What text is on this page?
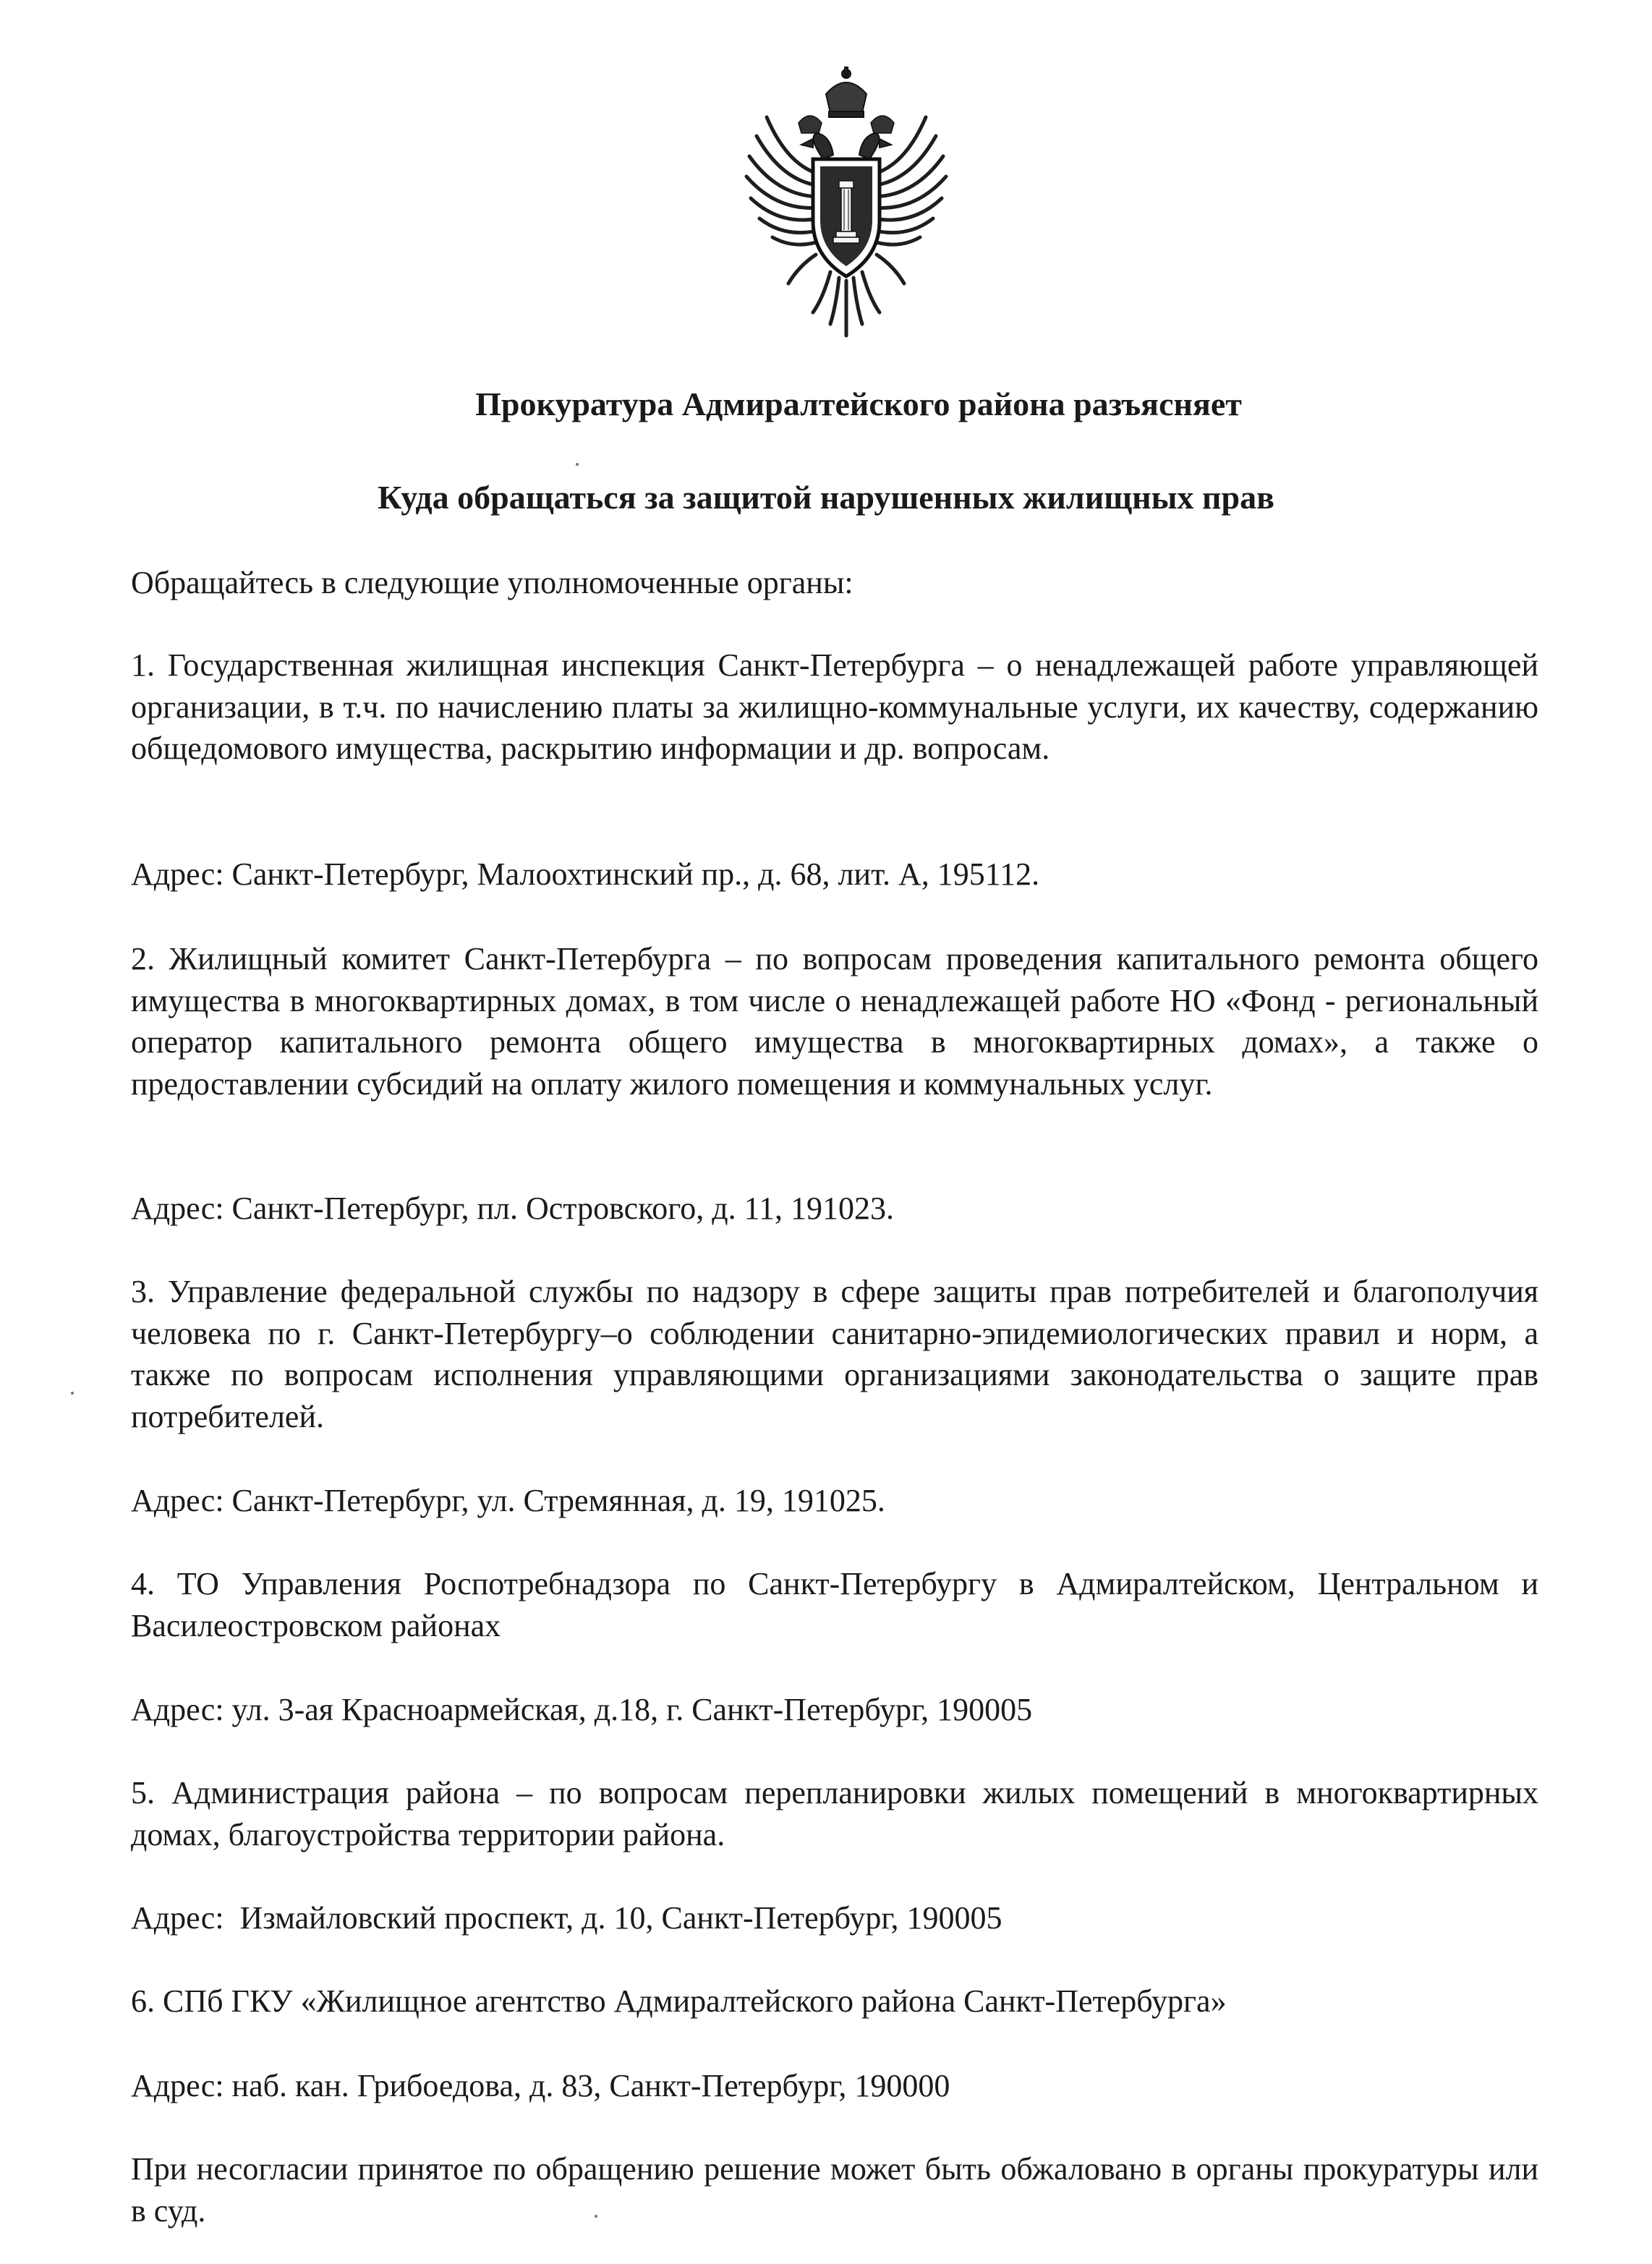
Прокуратура Адмиралтейского района разъясняет
Куда обращаться за защитой нарушенных жилищных прав

Обращайтесь в следующие уполномоченные органы:

1. Государственная жилищная инспекция Санкт-Петербурга – о ненадлежащей работе управляющей организации, в т.ч. по начислению платы за жилищно-коммунальные услуги, их качеству, содержанию общедомового имущества, раскрытию информации и др. вопросам.

Адрес: Санкт-Петербург, Малоохтинский пр., д. 68, лит. А, 195112.

2. Жилищный комитет Санкт-Петербурга – по вопросам проведения капитального ремонта общего имущества в многоквартирных домах, в том числе о ненадлежащей работе НО «Фонд - региональный оператор капитального ремонта общего имущества в многоквартирных домах», а также о предоставлении субсидий на оплату жилого помещения и коммунальных услуг.

Адрес: Санкт-Петербург, пл. Островского, д. 11, 191023.

3. Управление федеральной службы по надзору в сфере защиты прав потребителей и благополучия человека по г. Санкт-Петербургу–о соблюдении санитарно-эпидемиологических правил и норм, а также по вопросам исполнения управляющими организациями законодательства о защите прав потребителей.

Адрес: Санкт-Петербург, ул. Стремянная, д. 19, 191025.

4. ТО Управления Роспотребнадзора по Санкт-Петербургу в Адмиралтейском, Центральном и Василеостровском районах

Адрес: ул. 3-ая Красноармейская, д.18, г. Санкт-Петербург, 190005

5. Администрация района – по вопросам перепланировки жилых помещений в многоквартирных домах, благоустройства территории района.

Адрес:  Измайловский проспект, д. 10, Санкт-Петербург, 190005

6. СПб ГКУ «Жилищное агентство Адмиралтейского района Санкт-Петербурга»

Адрес: наб. кан. Грибоедова, д. 83, Санкт-Петербург, 190000

При несогласии принятое по обращению решение может быть обжаловано в органы прокуратуры или в суд.
